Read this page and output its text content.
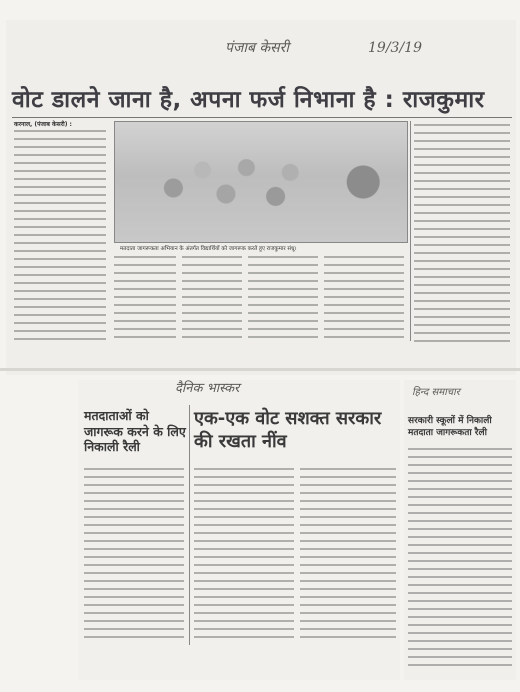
पंजाब केसरी	19/3/19
वोट डालने जाना है, अपना फर्ज निभाना है : राजकुमार
करनाल, (पंजाब केसरी) :
मतदाता जागरूकता अभियान के अंतर्गत विद्यार्थियों को जागरूक करते हुए राजकुमार संधू।
दैनिक भास्कर
मतदाताओं को जागरूक करने के लिए निकाली रैली
एक-एक वोट सशक्त सरकार की रखता नींव
हिन्द समाचार
सरकारी स्कूलों में निकाली मतदाता जागरूकता रैली
